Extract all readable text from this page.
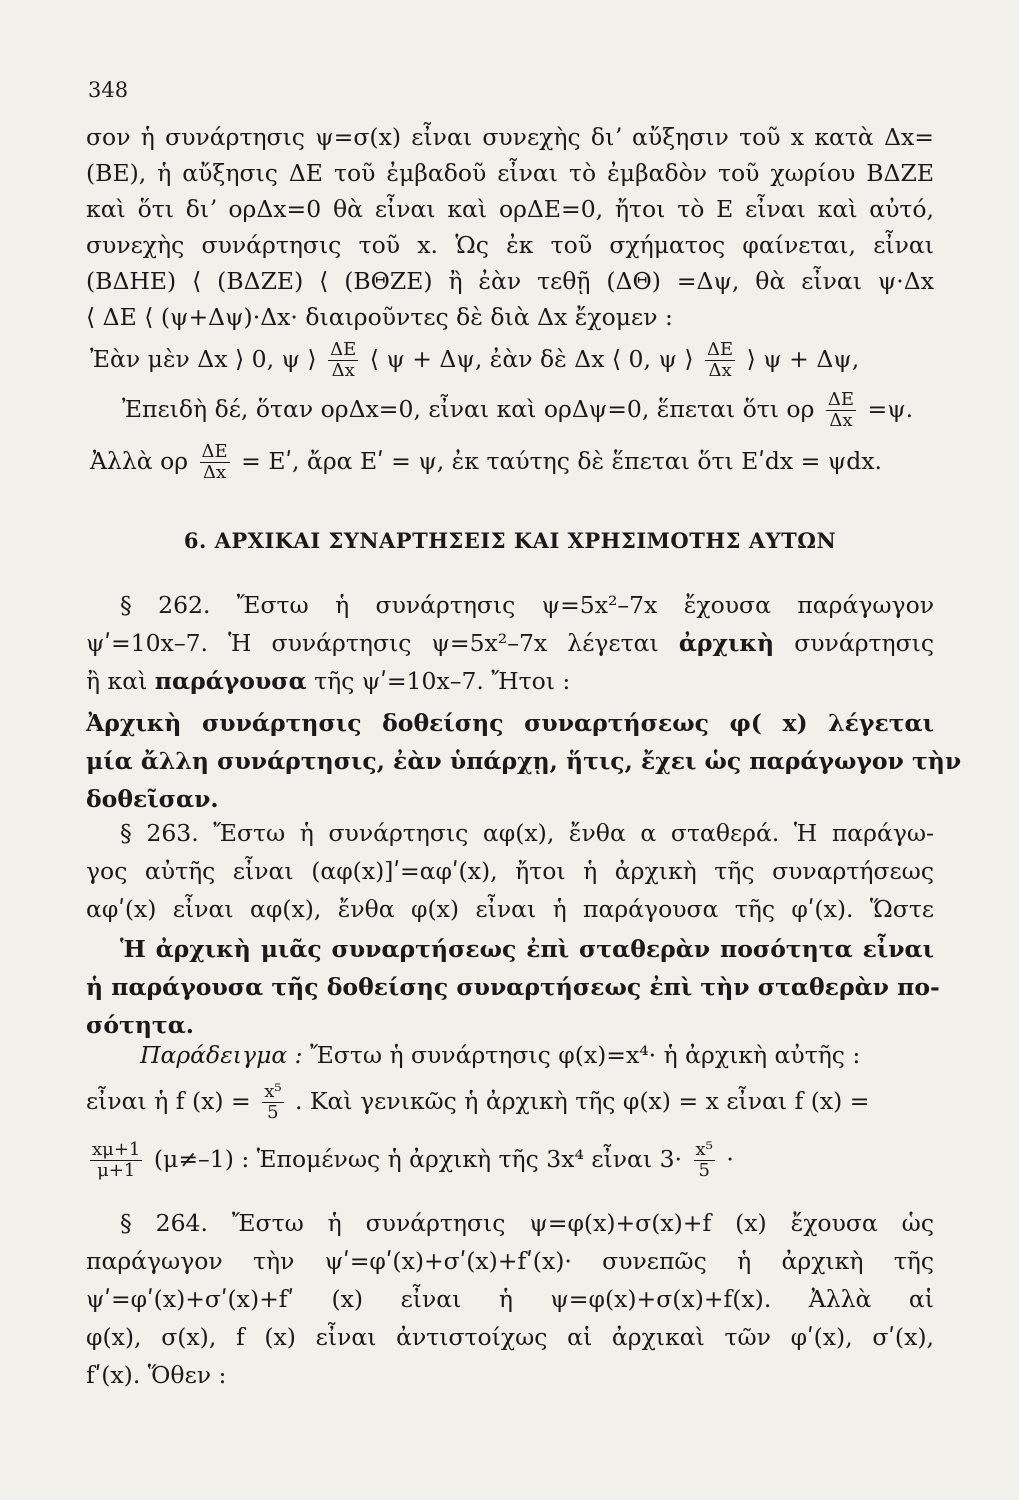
348
σον ἡ συνάρτησις ψ=σ(x) εἶναι συνεχὴς διʼ αὔξησιν τοῦ x κατὰ Δx=
(ΒΕ), ἡ αὔξησις ΔΕ τοῦ ἐμβαδοῦ εἶναι τὸ ἐμβαδὸν τοῦ χωρίου ΒΔΖΕ
καὶ ὅτι διʼ ορΔx=0 θὰ εἶναι καὶ ορΔΕ=0, ἤτοι τὸ Ε εἶναι καὶ αὐτό,
συνεχὴς συνάρτησις τοῦ x. Ὡς ἐκ τοῦ σχήματος φαίνεται, εἶναι
(ΒΔΗΕ) ⟨ (ΒΔΖΕ) ⟨ (ΒΘΖΕ) ἢ ἐὰν τεθῇ (ΔΘ) =Δψ, θὰ εἶναι ψ·Δx
⟨ ΔΕ ⟨ (ψ+Δψ)·Δx· διαιροῦντες δὲ διὰ Δx ἔχομεν :
Ἐὰν μὲν Δx ⟩ 0, ψ ⟩ $\frac{\Delta E}{\Delta x}$ ⟨ ψ + Δψ, ἐὰν δὲ Δx ⟨ 0, ψ ⟩ $\frac{\Delta E}{\Delta x}$ ⟩ ψ + Δψ,
Ἐπειδὴ δέ, ὅταν ορΔx=0, εἶναι καὶ ορΔψ=0, ἕπεται ὅτι ορ $\frac{\Delta E}{\Delta x} =\psi$.
Ἀλλὰ ορ $\frac{\Delta E}{\Delta x}$ = Εʹ, ἄρα Εʹ = ψ, ἐκ ταύτης δὲ ἕπεται ὅτι Εʹdx = ψdx.
6. ΑΡΧΙΚΑΙ ΣΥΝΑΡΤΗΣΕΙΣ ΚΑΙ ΧΡΗΣΙΜΟΤΗΣ ΑΥΤΩΝ
§ 262. Ἔστω ἡ συνάρτησις ψ=5x²–7x ἔχουσα παράγωγον
ψʹ=10x–7. Ἡ συνάρτησις ψ=5x²–7x λέγεται ἀρχικὴ συνάρτησις
ἢ καὶ παράγουσα τῆς ψʹ=10x–7. Ἤτοι :
Ἀρχικὴ συνάρτησις δοθείσης συναρτήσεως φ( x) λέγεται
μία ἄλλη συνάρτησις, ἐὰν ὑπάρχῃ, ἥτις, ἔχει ὡς παράγωγον τὴν
δοθεῖσαν.
§ 263. Ἔστω ἡ συνάρτησις αφ(x), ἔνθα α σταθερά. Ἡ παράγω-
γος αὐτῆς εἶναι (αφ(x)]ʹ=αφʹ(x), ἤτοι ἡ ἀρχικὴ τῆς συναρτήσεως
αφʹ(x) εἶναι αφ(x), ἔνθα φ(x) εἶναι ἡ παράγουσα τῆς φʹ(x). Ὥστε
Ἡ ἀρχικὴ μιᾶς συναρτήσεως ἐπὶ σταθερὰν ποσότητα εἶναι
ἡ παράγουσα τῆς δοθείσης συναρτήσεως ἐπὶ τὴν σταθερὰν πο-
σότητα.
Παράδειγμα : Ἔστω ἡ συνάρτησις φ(x)=x⁴· ἡ ἀρχικὴ αὐτῆς :
εἶναι ἡ f $(x) = \frac{\text{x⁵}}{5}$ . Καὶ γενικῶς ἡ ἀρχικὴ τῆς φ(x) = x εἶναι f (x) =
$\frac{x\mu+1}{\mu+1} (\mu\ne-1)$ : Ἑπομένως ἡ ἀρχικὴ τῆς 3x⁴ εἶναι $3\cdot \frac{\text{x⁵}}{5}$ ·
§ 264. Ἔστω ἡ συνάρτησις ψ=φ(x)+σ(x)+f (x) ἔχουσα ὡς
παράγωγον τὴν ψʹ=φʹ(x)+σʹ(x)+fʹ(x)· συνεπῶς ἡ ἀρχικὴ τῆς
ψʹ=φʹ(x)+σʹ(x)+fʹ (x) εἶναι ἡ ψ=φ(x)+σ(x)+f(x). Ἀλλὰ αἱ
φ(x), σ(x), f (x) εἶναι ἀντιστοίχως αἱ ἀρχικαὶ τῶν φʹ(x), σʹ(x),
fʹ(x). Ὅθεν :
